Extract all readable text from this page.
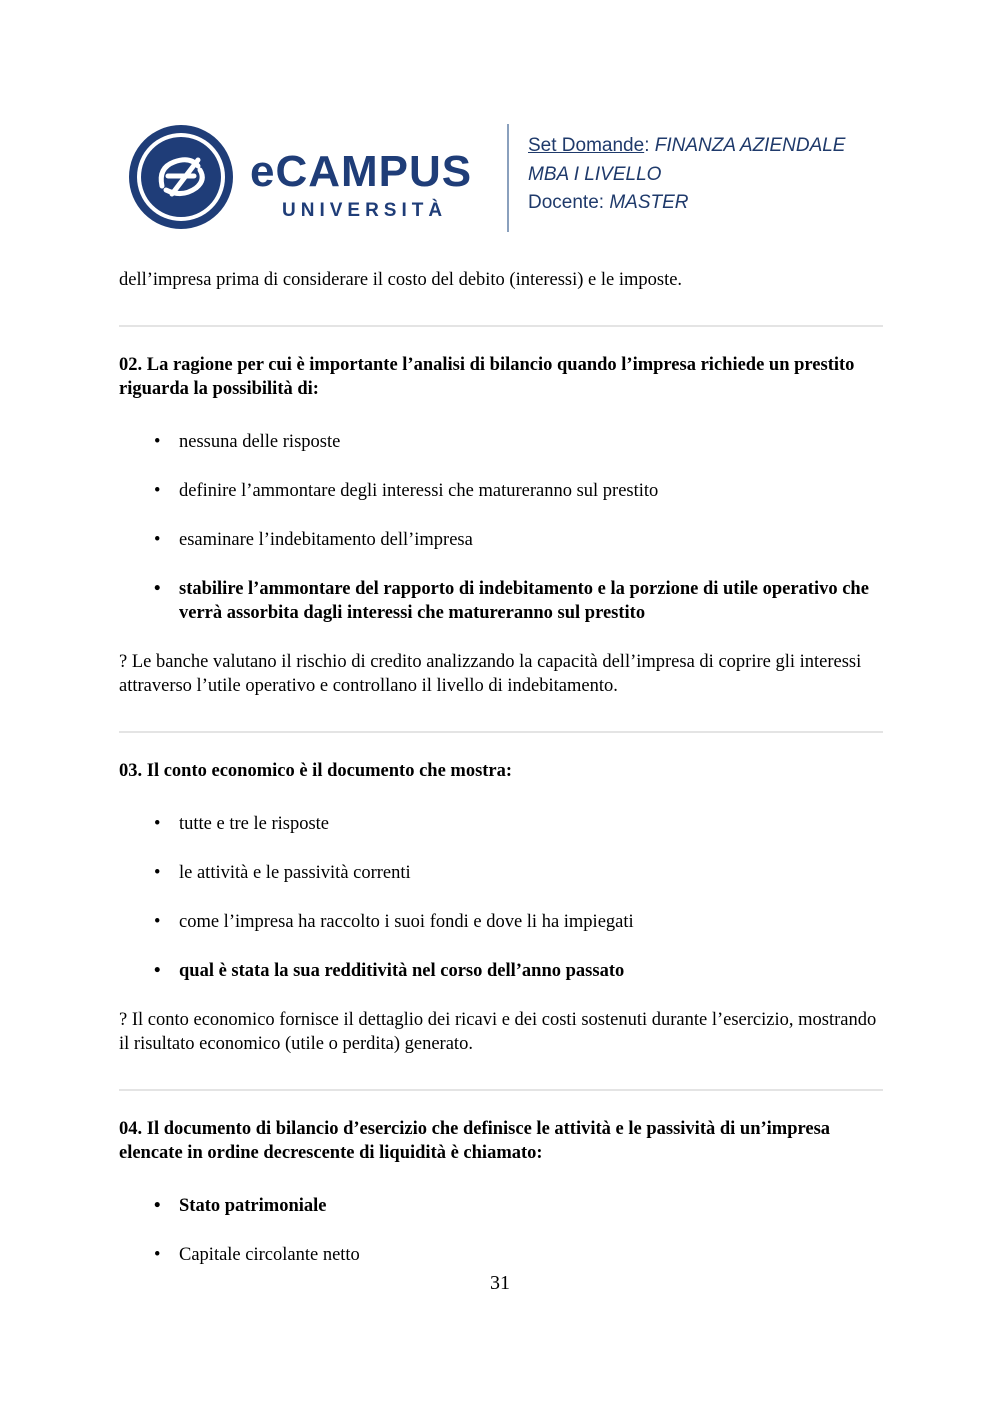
eCAMPUS
UNIVERSITÀ
Set Domande: FINANZA AZIENDALE
MBA I LIVELLO
Docente: MASTER

dell’impresa prima di considerare il costo del debito (interessi) e le imposte.

02. La ragione per cui è importante l’analisi di bilancio quando l’impresa richiede un prestito riguarda la possibilità di:

• nessuna delle risposte
• definire l’ammontare degli interessi che matureranno sul prestito
• esaminare l’indebitamento dell’impresa
• stabilire l’ammontare del rapporto di indebitamento e la porzione di utile operativo che verrà assorbita dagli interessi che matureranno sul prestito

? Le banche valutano il rischio di credito analizzando la capacità dell’impresa di coprire gli interessi attraverso l’utile operativo e controllano il livello di indebitamento.

03. Il conto economico è il documento che mostra:

• tutte e tre le risposte
• le attività e le passività correnti
• come l’impresa ha raccolto i suoi fondi e dove li ha impiegati
• qual è stata la sua redditività nel corso dell’anno passato

? Il conto economico fornisce il dettaglio dei ricavi e dei costi sostenuti durante l’esercizio, mostrando il risultato economico (utile o perdita) generato.

04. Il documento di bilancio d’esercizio che definisce le attività e le passività di un’impresa elencate in ordine decrescente di liquidità è chiamato:

• Stato patrimoniale
• Capitale circolante netto
31
